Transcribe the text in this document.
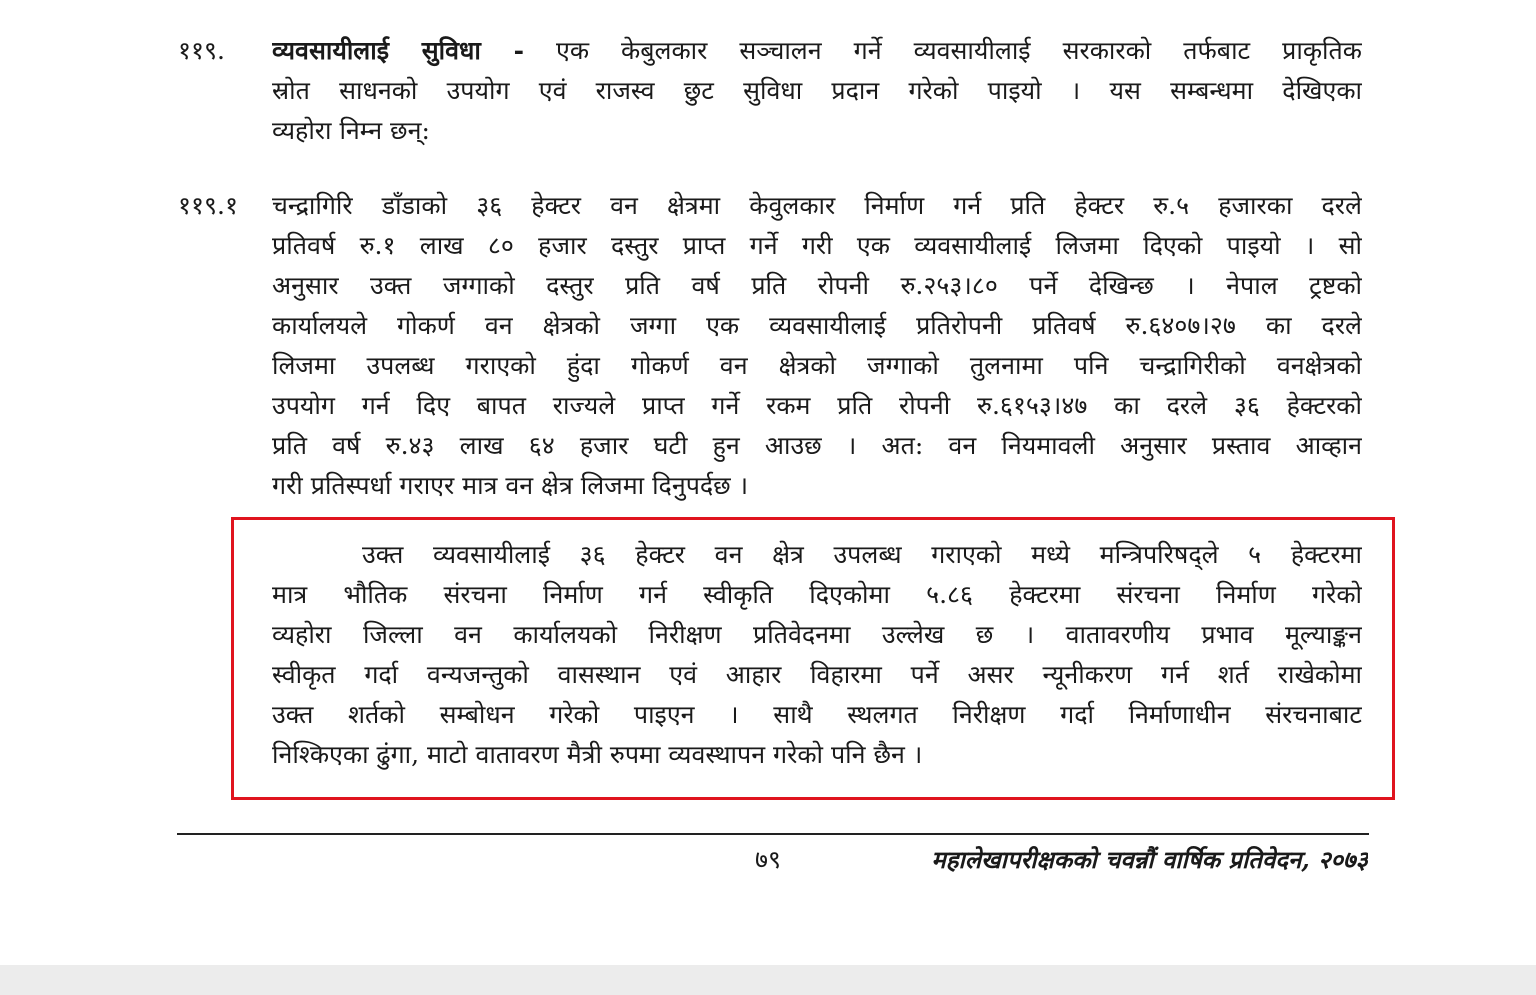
११९. व्यवसायीलाई सुविधा - एक केबुलकार सञ्चालन गर्ने व्यवसायीलाई सरकारको तर्फबाट प्राकृतिक
स्रोत साधनको उपयोग एवं राजस्व छुट सुविधा प्रदान गरेको पाइयो । यस सम्बन्धमा देखिएका
व्यहोरा निम्न छन्:
११९.१ चन्द्रागिरि डाँडाको ३६ हेक्टर वन क्षेत्रमा केवुलकार निर्माण गर्न प्रति हेक्टर रु.५ हजारका दरले
प्रतिवर्ष रु.१ लाख ८० हजार दस्तुर प्राप्त गर्ने गरी एक व्यवसायीलाई लिजमा दिएको पाइयो । सो
अनुसार उक्त जग्गाको दस्तुर प्रति वर्ष प्रति रोपनी रु.२५३।८० पर्ने देखिन्छ । नेपाल ट्रष्टको
कार्यालयले गोकर्ण वन क्षेत्रको जग्गा एक व्यवसायीलाई प्रतिरोपनी प्रतिवर्ष रु.६४०७।२७ का दरले
लिजमा उपलब्ध गराएको हुंदा गोकर्ण वन क्षेत्रको जग्गाको तुलनामा पनि चन्द्रागिरीको वनक्षेत्रको
उपयोग गर्न दिए बापत राज्यले प्राप्त गर्ने रकम प्रति रोपनी रु.६१५३।४७ का दरले ३६ हेक्टरको
प्रति वर्ष रु.४३ लाख ६४ हजार घटी हुन आउछ । अत: वन नियमावली अनुसार प्रस्ताव आव्हान
गरी प्रतिस्पर्धा गराएर मात्र वन क्षेत्र लिजमा दिनुपर्दछ ।
उक्त व्यवसायीलाई ३६ हेक्टर वन क्षेत्र उपलब्ध गराएको मध्ये मन्त्रिपरिषद्ले ५ हेक्टरमा
मात्र भौतिक संरचना निर्माण गर्न स्वीकृति दिएकोमा ५.८६ हेक्टरमा संरचना निर्माण गरेको
व्यहोरा जिल्ला वन कार्यालयको निरीक्षण प्रतिवेदनमा उल्लेख छ । वातावरणीय प्रभाव मूल्याङ्कन
स्वीकृत गर्दा वन्यजन्तुको वासस्थान एवं आहार विहारमा पर्ने असर न्यूनीकरण गर्न शर्त राखेकोमा
उक्त शर्तको सम्बोधन गरेको पाइएन । साथै स्थलगत निरीक्षण गर्दा निर्माणाधीन संरचनाबाट
निश्किएका ढुंगा, माटो वातावरण मैत्री रुपमा व्यवस्थापन गरेको पनि छैन ।
७९	महालेखापरीक्षकको चवन्नौं वार्षिक प्रतिवेदन, २०७३
